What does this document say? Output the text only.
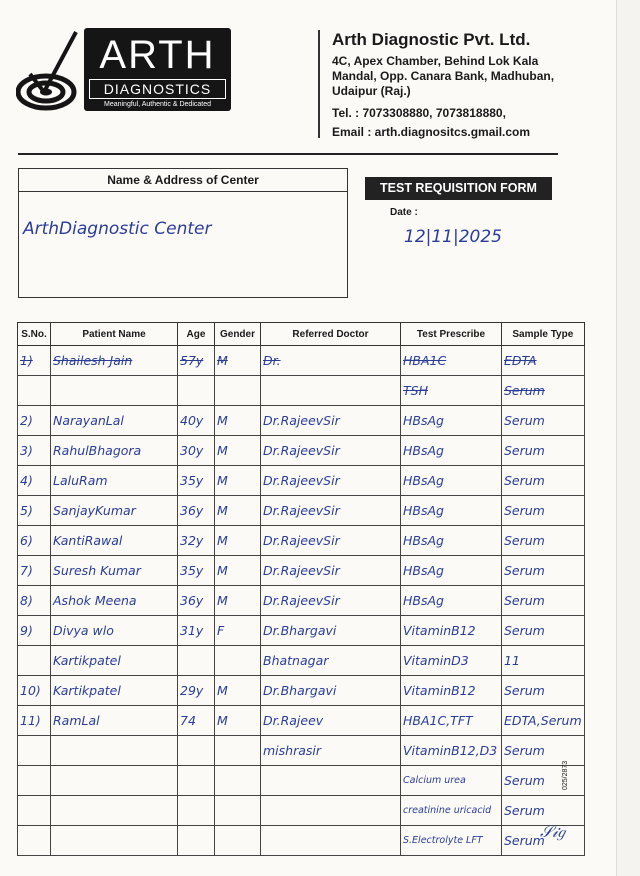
ARTH
DIAGNOSTICS
Meaningful, Authentic & Dedicated
Arth Diagnostic Pvt. Ltd.
4C, Apex Chamber, Behind Lok Kala Mandal, Opp. Canara Bank, Madhuban, Udaipur (Raj.)
Tel. : 7073308880, 7073818880,
Email : arth.diagnositcs.gmail.com
Name & Address of Center
ArthDiagnostic Center
TEST REQUISITION FORM
Date :
12|11|2025
S.No.	Patient Name	Age	Gender	Referred Doctor	Test Prescribe	Sample Type
1)	Shailesh Jain	57y	M	Dr.	HBA1C	EDTA
					TSH	Serum
2)	NarayanLal	40y	M	Dr.RajeevSir	HBsAg	Serum
3)	RahulBhagora	30y	M	Dr.RajeevSir	HBsAg	Serum
4)	LaluRam	35y	M	Dr.RajeevSir	HBsAg	Serum
5)	SanjayKumar	36y	M	Dr.RajeevSir	HBsAg	Serum
6)	KantiRawal	32y	M	Dr.RajeevSir	HBsAg	Serum
7)	Suresh Kumar	35y	M	Dr.RajeevSir	HBsAg	Serum
8)	Ashok Meena	36y	M	Dr.RajeevSir	HBsAg	Serum
9)	Divya wlo	31y	F	Dr.Bhargavi	VitaminB12	Serum
	Kartikpatel			Bhatnagar	VitaminD3	11
10)	Kartikpatel	29y	M	Dr.Bhargavi	VitaminB12	Serum
11)	RamLal	74	M	Dr.Rajeev	HBA1C,TFT	EDTA,Serum
				mishrasir	VitaminB12,D3	Serum
					Calcium urea	Serum
					creatinine uricacid	Serum
					S.Electrolyte LFT	Serum
025/2873
𝒮𝒾𝑔
